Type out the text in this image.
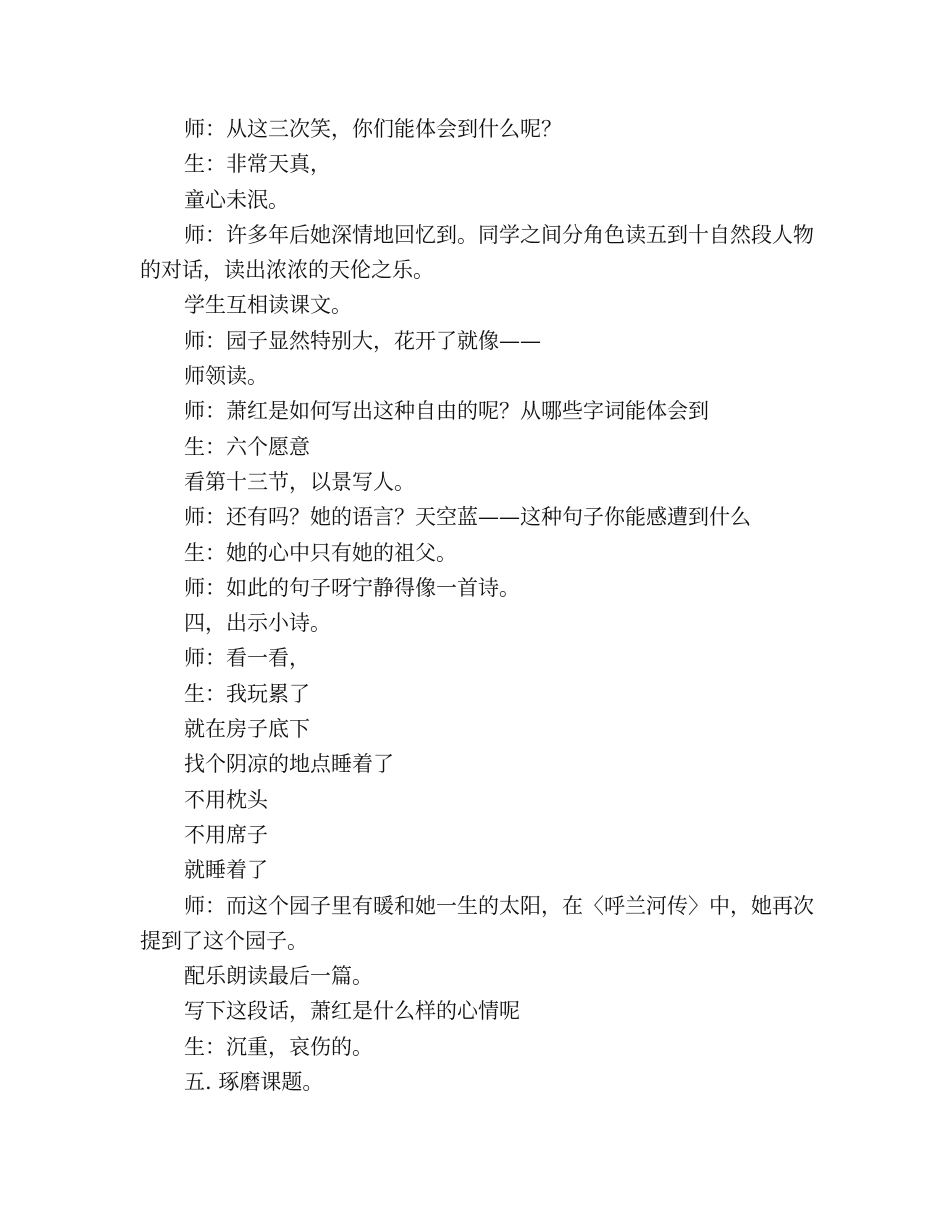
师：从这三次笑，你们能体会到什么呢？

生：非常天真，

童心未泯。

师：许多年后她深情地回忆到。同学之间分角色读五到十自然段人物的对话，读出浓浓的天伦之乐。

学生互相读课文。

师：园子显然特别大，花开了就像——

师领读。

师：萧红是如何写出这种自由的呢？从哪些字词能体会到

生：六个愿意

看第十三节，以景写人。

师：还有吗？她的语言？天空蓝——这种句子你能感遭到什么

生：她的心中只有她的祖父。

师：如此的句子呀宁静得像一首诗。

四，出示小诗。

师：看一看，

生：我玩累了

就在房子底下

找个阴凉的地点睡着了

不用枕头

不用席子

就睡着了

师：而这个园子里有暖和她一生的太阳，在〈呼兰河传〉中，她再次提到了这个园子。

配乐朗读最后一篇。

写下这段话，萧红是什么样的心情呢

生：沉重，哀伤的。

五. 琢磨课题。
